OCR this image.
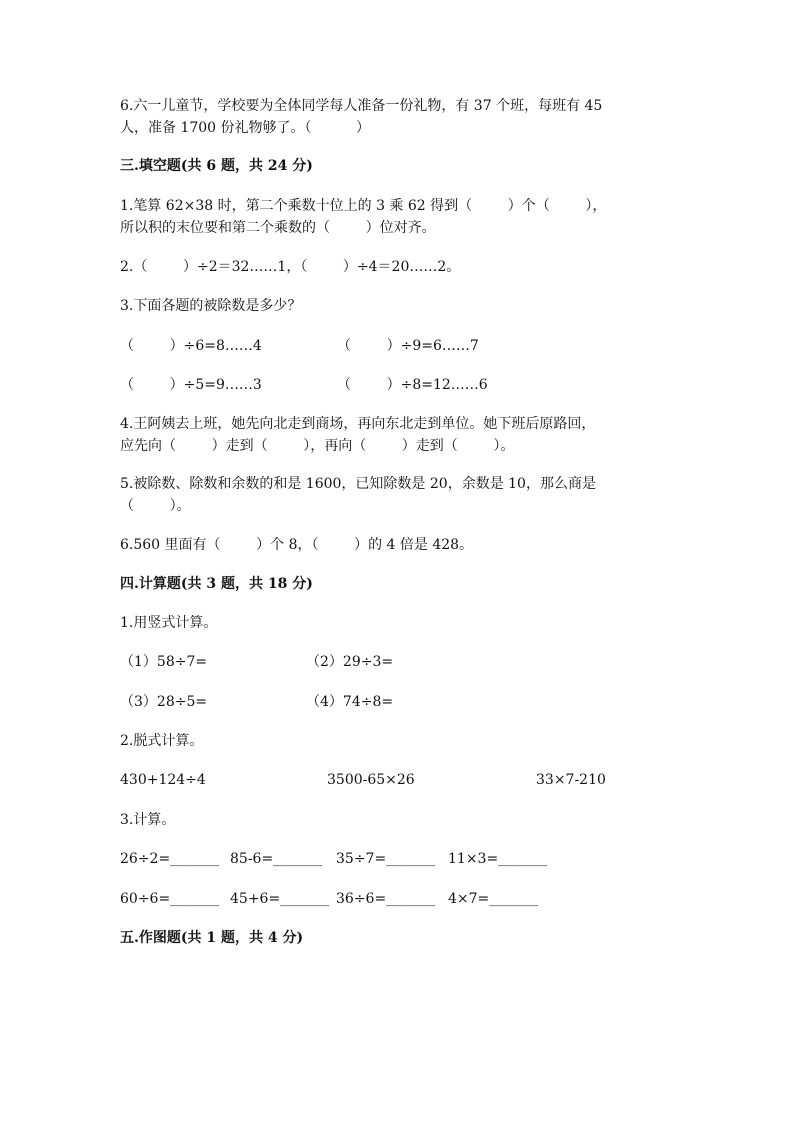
6.六一儿童节，学校要为全体同学每人准备一份礼物，有 37 个班，每班有 45
人，准备 1700 份礼物够了。（          ）
三.填空题(共 6 题，共 24 分)
1.笔算 62×38 时，第二个乘数十位上的 3 乘 62 得到（        ）个（        ），
所以积的末位要和第二个乘数的（        ）位对齐。
2.（        ）÷2＝32……1，（        ）÷4＝20……2。
3.下面各题的被除数是多少？
（        ）÷6=8……4	（        ）÷9=6……7
（        ）÷5=9……3	（        ）÷8=12……6
4.王阿姨去上班，她先向北走到商场，再向东北走到单位。她下班后原路回，
应先向（        ）走到（        ），再向（        ）走到（        ）。
5.被除数、除数和余数的和是 1600，已知除数是 20，余数是 10，那么商是
（        ）。
6.560 里面有（        ）个 8，（        ）的 4 倍是 428。
四.计算题(共 3 题，共 18 分)
1.用竖式计算。
（1）58÷7=	（2）29÷3=
（3）28÷5=	（4）74÷8=
2.脱式计算。
430+124÷4	3500-65×26	33×7-210
3.计算。
26÷2=_______ 85-6=_______ 35÷7=_______ 11×3=_______
60÷6=_______ 45+6=_______ 36÷6=_______ 4×7=_______
五.作图题(共 1 题，共 4 分)
